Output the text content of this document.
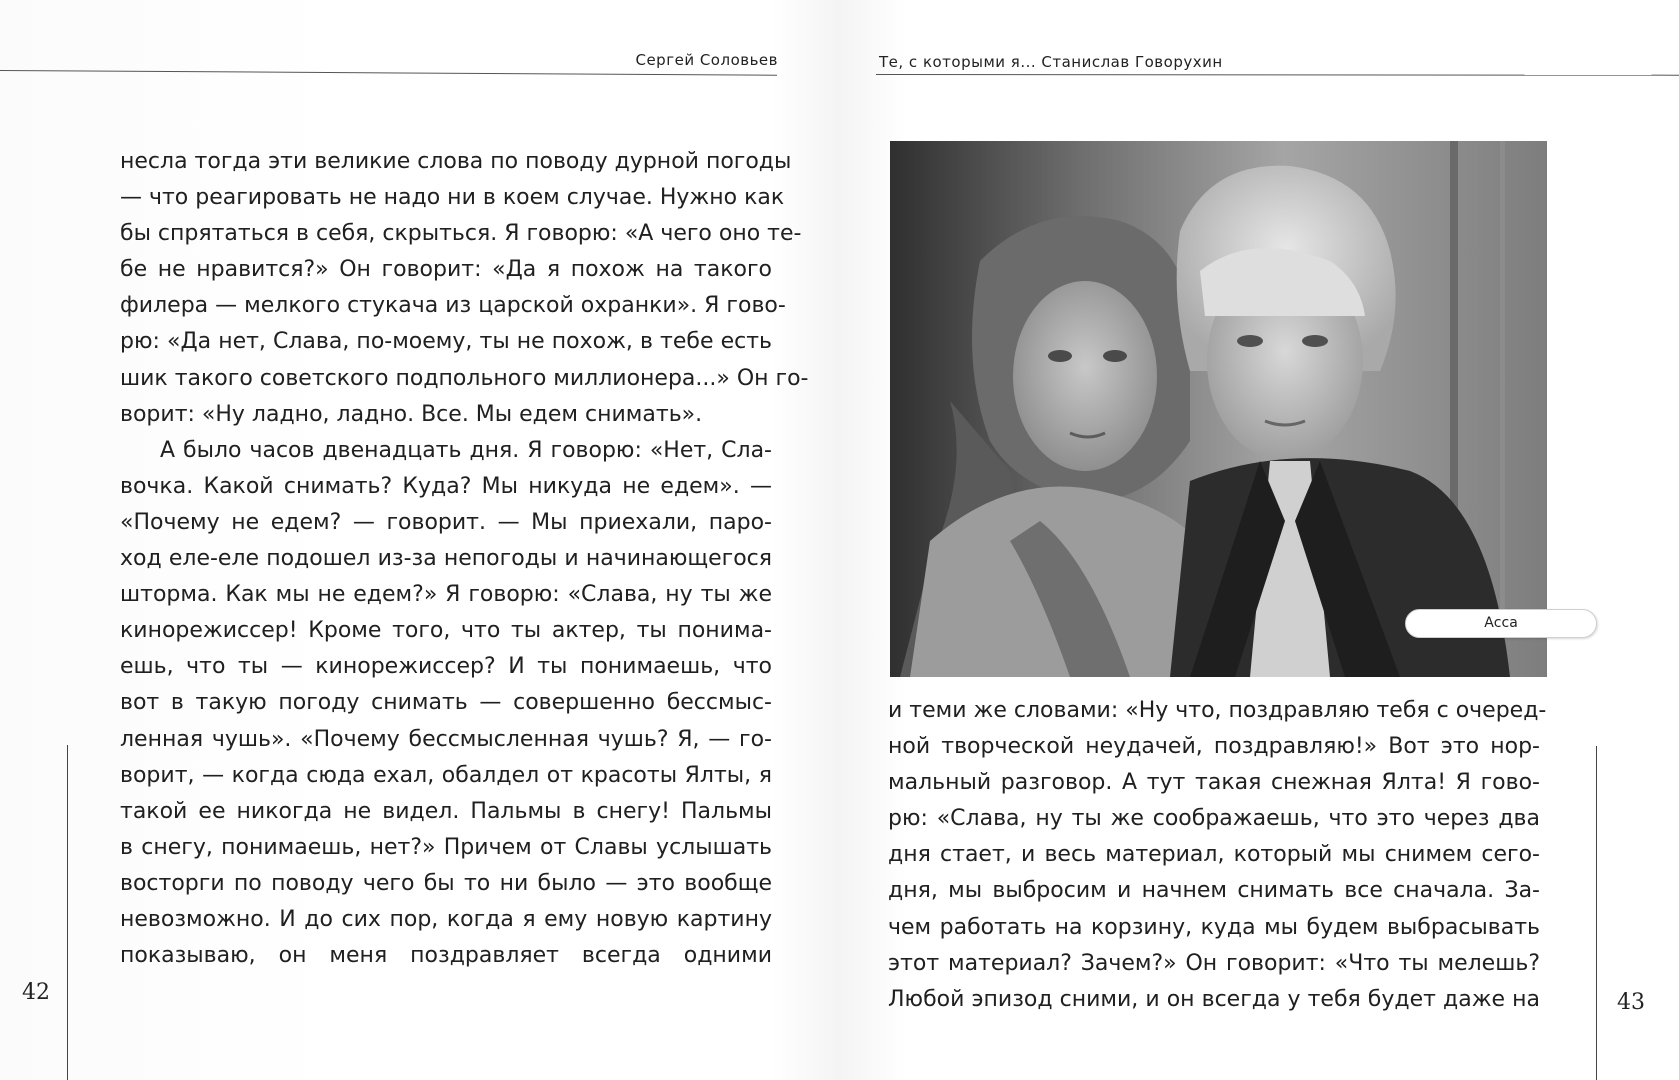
Сергей Соловьев	Те, с которыми я... Станислав Говорухин

несла тогда эти великие слова по поводу дурной погоды

— что реагировать не надо ни в коем случае. Нужно как

бы спрятаться в себя, скрыться. Я говорю: «А чего оно те-

бе не нравится?» Он говорит: «Да я похож на такого

филера — мелкого стукача из царской охранки». Я гово-

рю: «Да нет, Слава, по-моему, ты не похож, в тебе есть

шик такого советского подпольного миллионера...» Он го-

ворит: «Ну ладно, ладно. Все. Мы едем снимать».

А было часов двенадцать дня. Я говорю: «Нет, Сла-

вочка. Какой снимать? Куда? Мы никуда не едем». —

«Почему не едем? — говорит. — Мы приехали, паро-

ход еле-еле подошел из-за непогоды и начинающегося

шторма. Как мы не едем?» Я говорю: «Слава, ну ты же

кинорежиссер! Кроме того, что ты актер, ты понима-

ешь, что ты — кинорежиссер? И ты понимаешь, что

вот в такую погоду снимать — совершенно бессмыс-

ленная чушь». «Почему бессмысленная чушь? Я, — го-

ворит, — когда сюда ехал, обалдел от красоты Ялты, я

такой ее никогда не видел. Пальмы в снегу! Пальмы

в снегу, понимаешь, нет?» Причем от Славы услышать

восторги по поводу чего бы то ни было — это вообще

невозможно. И до сих пор, когда я ему новую картину

показываю, он меня поздравляет всегда одними

42
Асса

и теми же словами: «Ну что, поздравляю тебя с очеред-

ной творческой неудачей, поздравляю!» Вот это нор-

мальный разговор. А тут такая снежная Ялта! Я гово-

рю: «Слава, ну ты же соображаешь, что это через два

дня стает, и весь материал, который мы снимем сего-

дня, мы выбросим и начнем снимать все сначала. За-

чем работать на корзину, куда мы будем выбрасывать

этот материал? Зачем?» Он говорит: «Что ты мелешь?

Любой эпизод сними, и он всегда у тебя будет даже на	43
